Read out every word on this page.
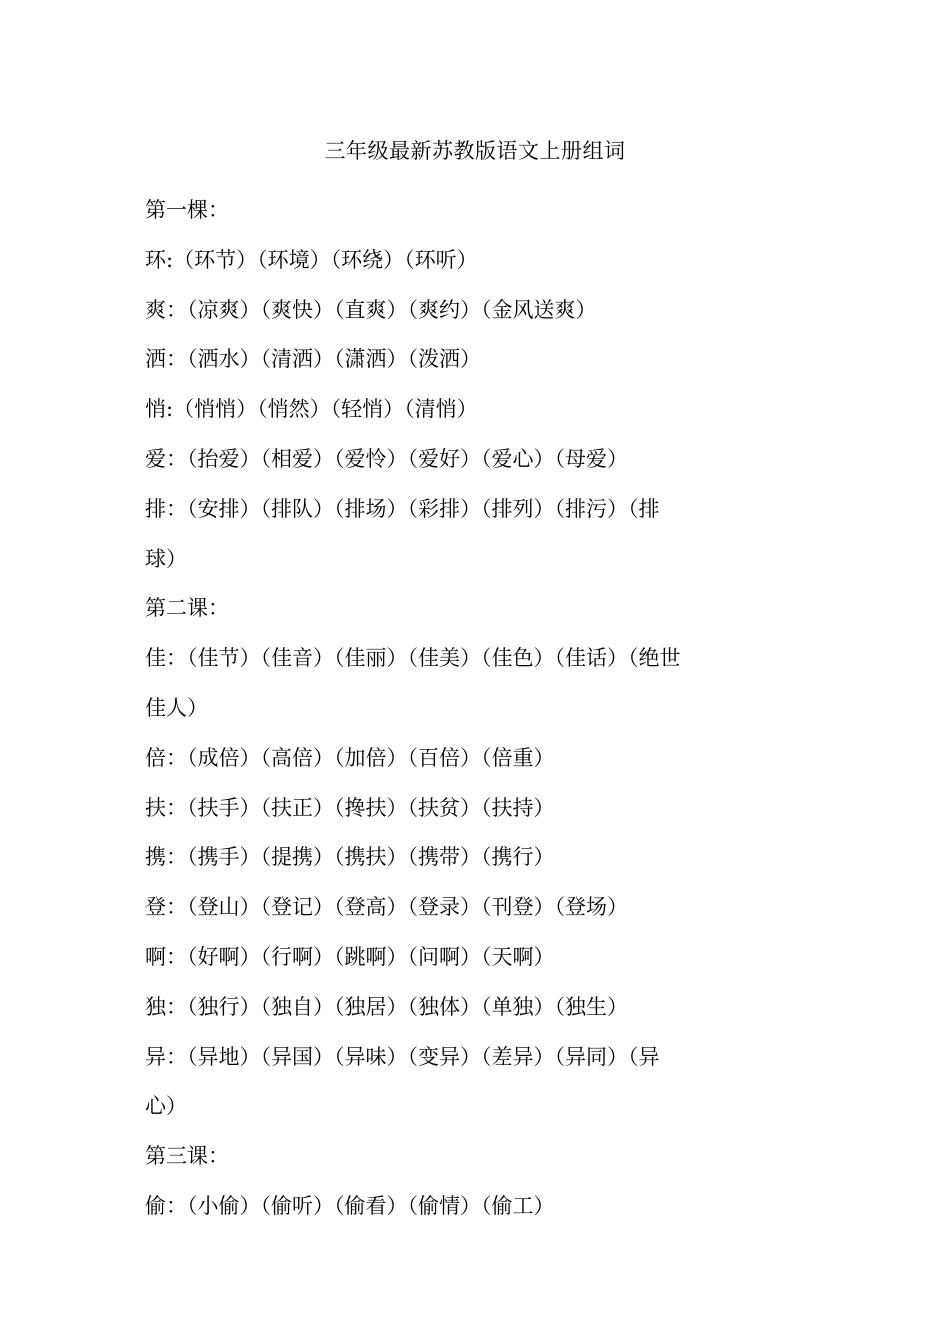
三年级最新苏教版语文上册组词
第一棵：
环:（环节）（环境）（环绕）（环听）
爽：（凉爽）（爽快）（直爽）（爽约）（金风送爽）
洒：（洒水）（清洒）（潇洒）（泼洒）
悄:（悄悄）（悄然）（轻悄）（清悄）
爱：（抬爱）（相爱）（爱怜）（爱好）（爱心）（母爱）
排：（安排）（排队）（排场）（彩排）（排列）（排污）（排
球）
第二课：
佳：（佳节）（佳音）（佳丽）（佳美）（佳色）（佳话）（绝世
佳人）
倍：（成倍）（高倍）（加倍）（百倍）（倍重）
扶：（扶手）（扶正）（搀扶）（扶贫）（扶持）
携：（携手）（提携）（携扶）（携带）（携行）
登：（登山）（登记）（登高）（登录）（刊登）（登场）
啊：（好啊）（行啊）（跳啊）（问啊）（天啊）
独：（独行）（独自）（独居）（独体）（单独）（独生）
异：（异地）（异国）（异味）（变异）（差异）（异同）（异
心）
第三课：
偷：（小偷）（偷听）（偷看）（偷情）（偷工）
